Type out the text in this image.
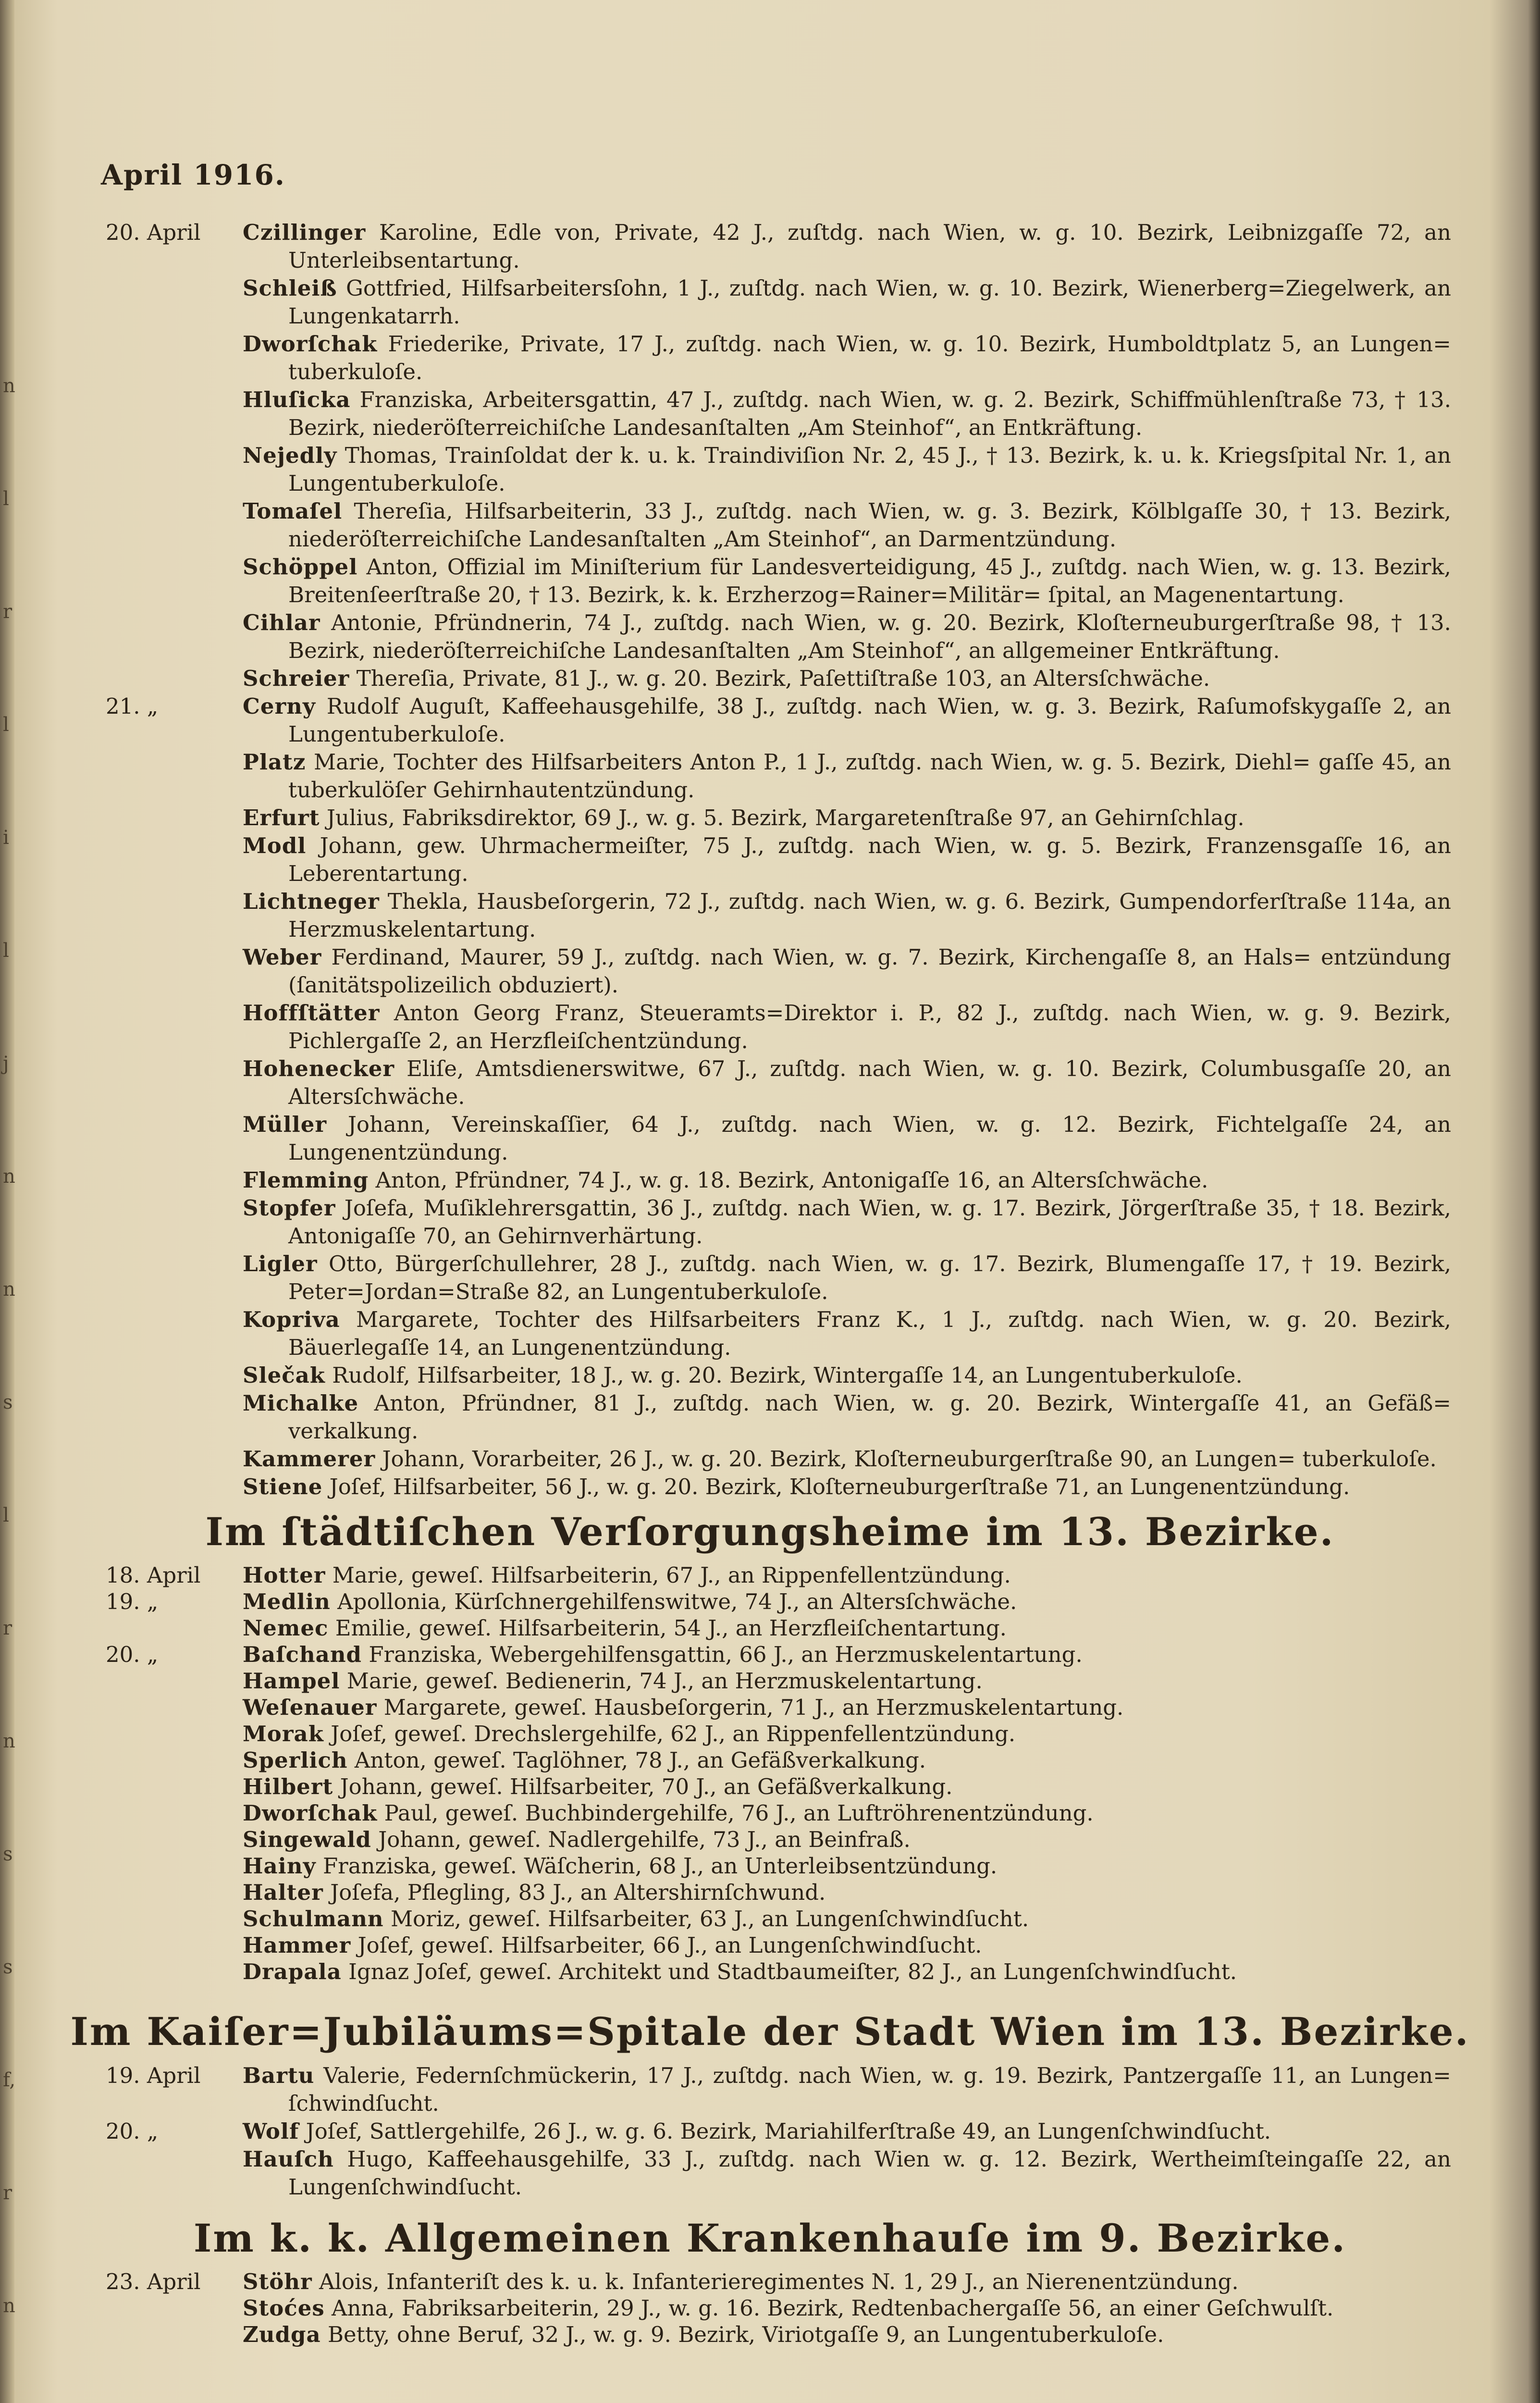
n
l
r
l
i
l
j
n
n
s
l
r
n
s
s
f,
r
n
April 1916.
20. April	Czillinger Karoline, Edle von, Private, 42 J., zuſtdg. nach Wien, w. g. 10. Bezirk, Leibnizgaſſe 72, an Unterleibsentartung.
Schleiß Gottfried, Hilfsarbeitersſohn, 1 J., zuſtdg. nach Wien, w. g. 10. Bezirk, Wienerberg=Ziegelwerk, an Lungenkatarrh.
Dworſchak Friederike, Private, 17 J., zuſtdg. nach Wien, w. g. 10. Bezirk, Humboldtplatz 5, an Lungen= tuberkuloſe.
Hluſicka Franziska, Arbeitersgattin, 47 J., zuſtdg. nach Wien, w. g. 2. Bezirk, Schiffmühlenſtraße 73, † 13. Bezirk, niederöſterreichiſche Landesanſtalten „Am Steinhof“, an Entkräftung.
Nejedly Thomas, Trainſoldat der k. u. k. Traindiviſion Nr. 2, 45 J., † 13. Bezirk, k. u. k. Kriegsſpital Nr. 1, an Lungentuberkuloſe.
Tomaſel Thereſia, Hilfsarbeiterin, 33 J., zuſtdg. nach Wien, w. g. 3. Bezirk, Kölblgaſſe 30, † 13. Bezirk, niederöſterreichiſche Landesanſtalten „Am Steinhof“, an Darmentzündung.
Schöppel Anton, Offizial im Miniſterium für Landesverteidigung, 45 J., zuſtdg. nach Wien, w. g. 13. Bezirk, Breitenſeerſtraße 20, † 13. Bezirk, k. k. Erzherzog=Rainer=Militär= ſpital, an Magenentartung.
Cihlar Antonie, Pfründnerin, 74 J., zuſtdg. nach Wien, w. g. 20. Bezirk, Kloſterneuburgerſtraße 98, † 13. Bezirk, niederöſterreichiſche Landesanſtalten „Am Steinhof“, an allgemeiner Entkräftung.
Schreier Thereſia, Private, 81 J., w. g. 20. Bezirk, Paſettiſtraße 103, an Altersſchwäche.
21. „	Cerny Rudolf Auguſt, Kaffeehausgehilfe, 38 J., zuſtdg. nach Wien, w. g. 3. Bezirk, Raſumofskygaſſe 2, an Lungentuberkuloſe.
Platz Marie, Tochter des Hilfsarbeiters Anton P., 1 J., zuſtdg. nach Wien, w. g. 5. Bezirk, Diehl= gaſſe 45, an tuberkulöſer Gehirnhautentzündung.
Erfurt Julius, Fabriksdirektor, 69 J., w. g. 5. Bezirk, Margaretenſtraße 97, an Gehirnſchlag.
Modl Johann, gew. Uhrmachermeiſter, 75 J., zuſtdg. nach Wien, w. g. 5. Bezirk, Franzensgaſſe 16, an Leberentartung.
Lichtneger Thekla, Hausbeſorgerin, 72 J., zuſtdg. nach Wien, w. g. 6. Bezirk, Gumpendorferſtraße 114a, an Herzmuskelentartung.
Weber Ferdinand, Maurer, 59 J., zuſtdg. nach Wien, w. g. 7. Bezirk, Kirchengaſſe 8, an Hals= entzündung (ſanitätspolizeilich obduziert).
Hoffſtätter Anton Georg Franz, Steueramts=Direktor i. P., 82 J., zuſtdg. nach Wien, w. g. 9. Bezirk, Pichlergaſſe 2, an Herzfleiſchentzündung.
Hohenecker Eliſe, Amtsdienerswitwe, 67 J., zuſtdg. nach Wien, w. g. 10. Bezirk, Columbusgaſſe 20, an Altersſchwäche.
Müller Johann, Vereinskaſſier, 64 J., zuſtdg. nach Wien, w. g. 12. Bezirk, Fichtelgaſſe 24, an Lungenentzündung.
Flemming Anton, Pfründner, 74 J., w. g. 18. Bezirk, Antonigaſſe 16, an Altersſchwäche.
Stopfer Joſefa, Muſiklehrersgattin, 36 J., zuſtdg. nach Wien, w. g. 17. Bezirk, Jörgerſtraße 35, † 18. Bezirk, Antonigaſſe 70, an Gehirnverhärtung.
Ligler Otto, Bürgerſchullehrer, 28 J., zuſtdg. nach Wien, w. g. 17. Bezirk, Blumengaſſe 17, † 19. Bezirk, Peter=Jordan=Straße 82, an Lungentuberkuloſe.
Kopriva Margarete, Tochter des Hilfsarbeiters Franz K., 1 J., zuſtdg. nach Wien, w. g. 20. Bezirk, Bäuerlegaſſe 14, an Lungenentzündung.
Slečak Rudolf, Hilfsarbeiter, 18 J., w. g. 20. Bezirk, Wintergaſſe 14, an Lungentuberkuloſe.
Michalke Anton, Pfründner, 81 J., zuſtdg. nach Wien, w. g. 20. Bezirk, Wintergaſſe 41, an Gefäß= verkalkung.
Kammerer Johann, Vorarbeiter, 26 J., w. g. 20. Bezirk, Kloſterneuburgerſtraße 90, an Lungen= tuberkuloſe.
Stiene Joſef, Hilfsarbeiter, 56 J., w. g. 20. Bezirk, Kloſterneuburgerſtraße 71, an Lungenentzündung.
Im ſtädtiſchen Verſorgungsheime im 13. Bezirke.
18. April	Hotter Marie, geweſ. Hilfsarbeiterin, 67 J., an Rippenfellentzündung.
19. „	Medlin Apollonia, Kürſchnergehilfenswitwe, 74 J., an Altersſchwäche.
Nemec Emilie, geweſ. Hilfsarbeiterin, 54 J., an Herzfleiſchentartung.
20. „	Baſchand Franziska, Webergehilfensgattin, 66 J., an Herzmuskelentartung.
Hampel Marie, geweſ. Bedienerin, 74 J., an Herzmuskelentartung.
Weſenauer Margarete, geweſ. Hausbeſorgerin, 71 J., an Herzmuskelentartung.
Morak Joſef, geweſ. Drechslergehilfe, 62 J., an Rippenfellentzündung.
Sperlich Anton, geweſ. Taglöhner, 78 J., an Gefäßverkalkung.
Hilbert Johann, geweſ. Hilfsarbeiter, 70 J., an Gefäßverkalkung.
Dworſchak Paul, geweſ. Buchbindergehilfe, 76 J., an Luftröhrenentzündung.
Singewald Johann, geweſ. Nadlergehilfe, 73 J., an Beinfraß.
Hainy Franziska, geweſ. Wäſcherin, 68 J., an Unterleibsentzündung.
Halter Joſefa, Pflegling, 83 J., an Altershirnſchwund.
Schulmann Moriz, geweſ. Hilfsarbeiter, 63 J., an Lungenſchwindſucht.
Hammer Joſef, geweſ. Hilfsarbeiter, 66 J., an Lungenſchwindſucht.
Drapala Ignaz Joſef, geweſ. Architekt und Stadtbaumeiſter, 82 J., an Lungenſchwindſucht.
Im Kaiſer=Jubiläums=Spitale der Stadt Wien im 13. Bezirke.
19. April	Bartu Valerie, Federnſchmückerin, 17 J., zuſtdg. nach Wien, w. g. 19. Bezirk, Pantzergaſſe 11, an Lungen= ſchwindſucht.
20. „	Wolf Joſef, Sattlergehilfe, 26 J., w. g. 6. Bezirk, Mariahilferſtraße 49, an Lungenſchwindſucht.
Hauſch Hugo, Kaffeehausgehilfe, 33 J., zuſtdg. nach Wien w. g. 12. Bezirk, Wertheimſteingaſſe 22, an Lungenſchwindſucht.
Im k. k. Allgemeinen Krankenhauſe im 9. Bezirke.
23. April	Stöhr Alois, Infanteriſt des k. u. k. Infanterieregimentes N. 1, 29 J., an Nierenentzündung.
Stoćes Anna, Fabriksarbeiterin, 29 J., w. g. 16. Bezirk, Redtenbachergaſſe 56, an einer Geſchwulſt.
Zudga Betty, ohne Beruf, 32 J., w. g. 9. Bezirk, Viriotgaſſe 9, an Lungentuberkuloſe.
